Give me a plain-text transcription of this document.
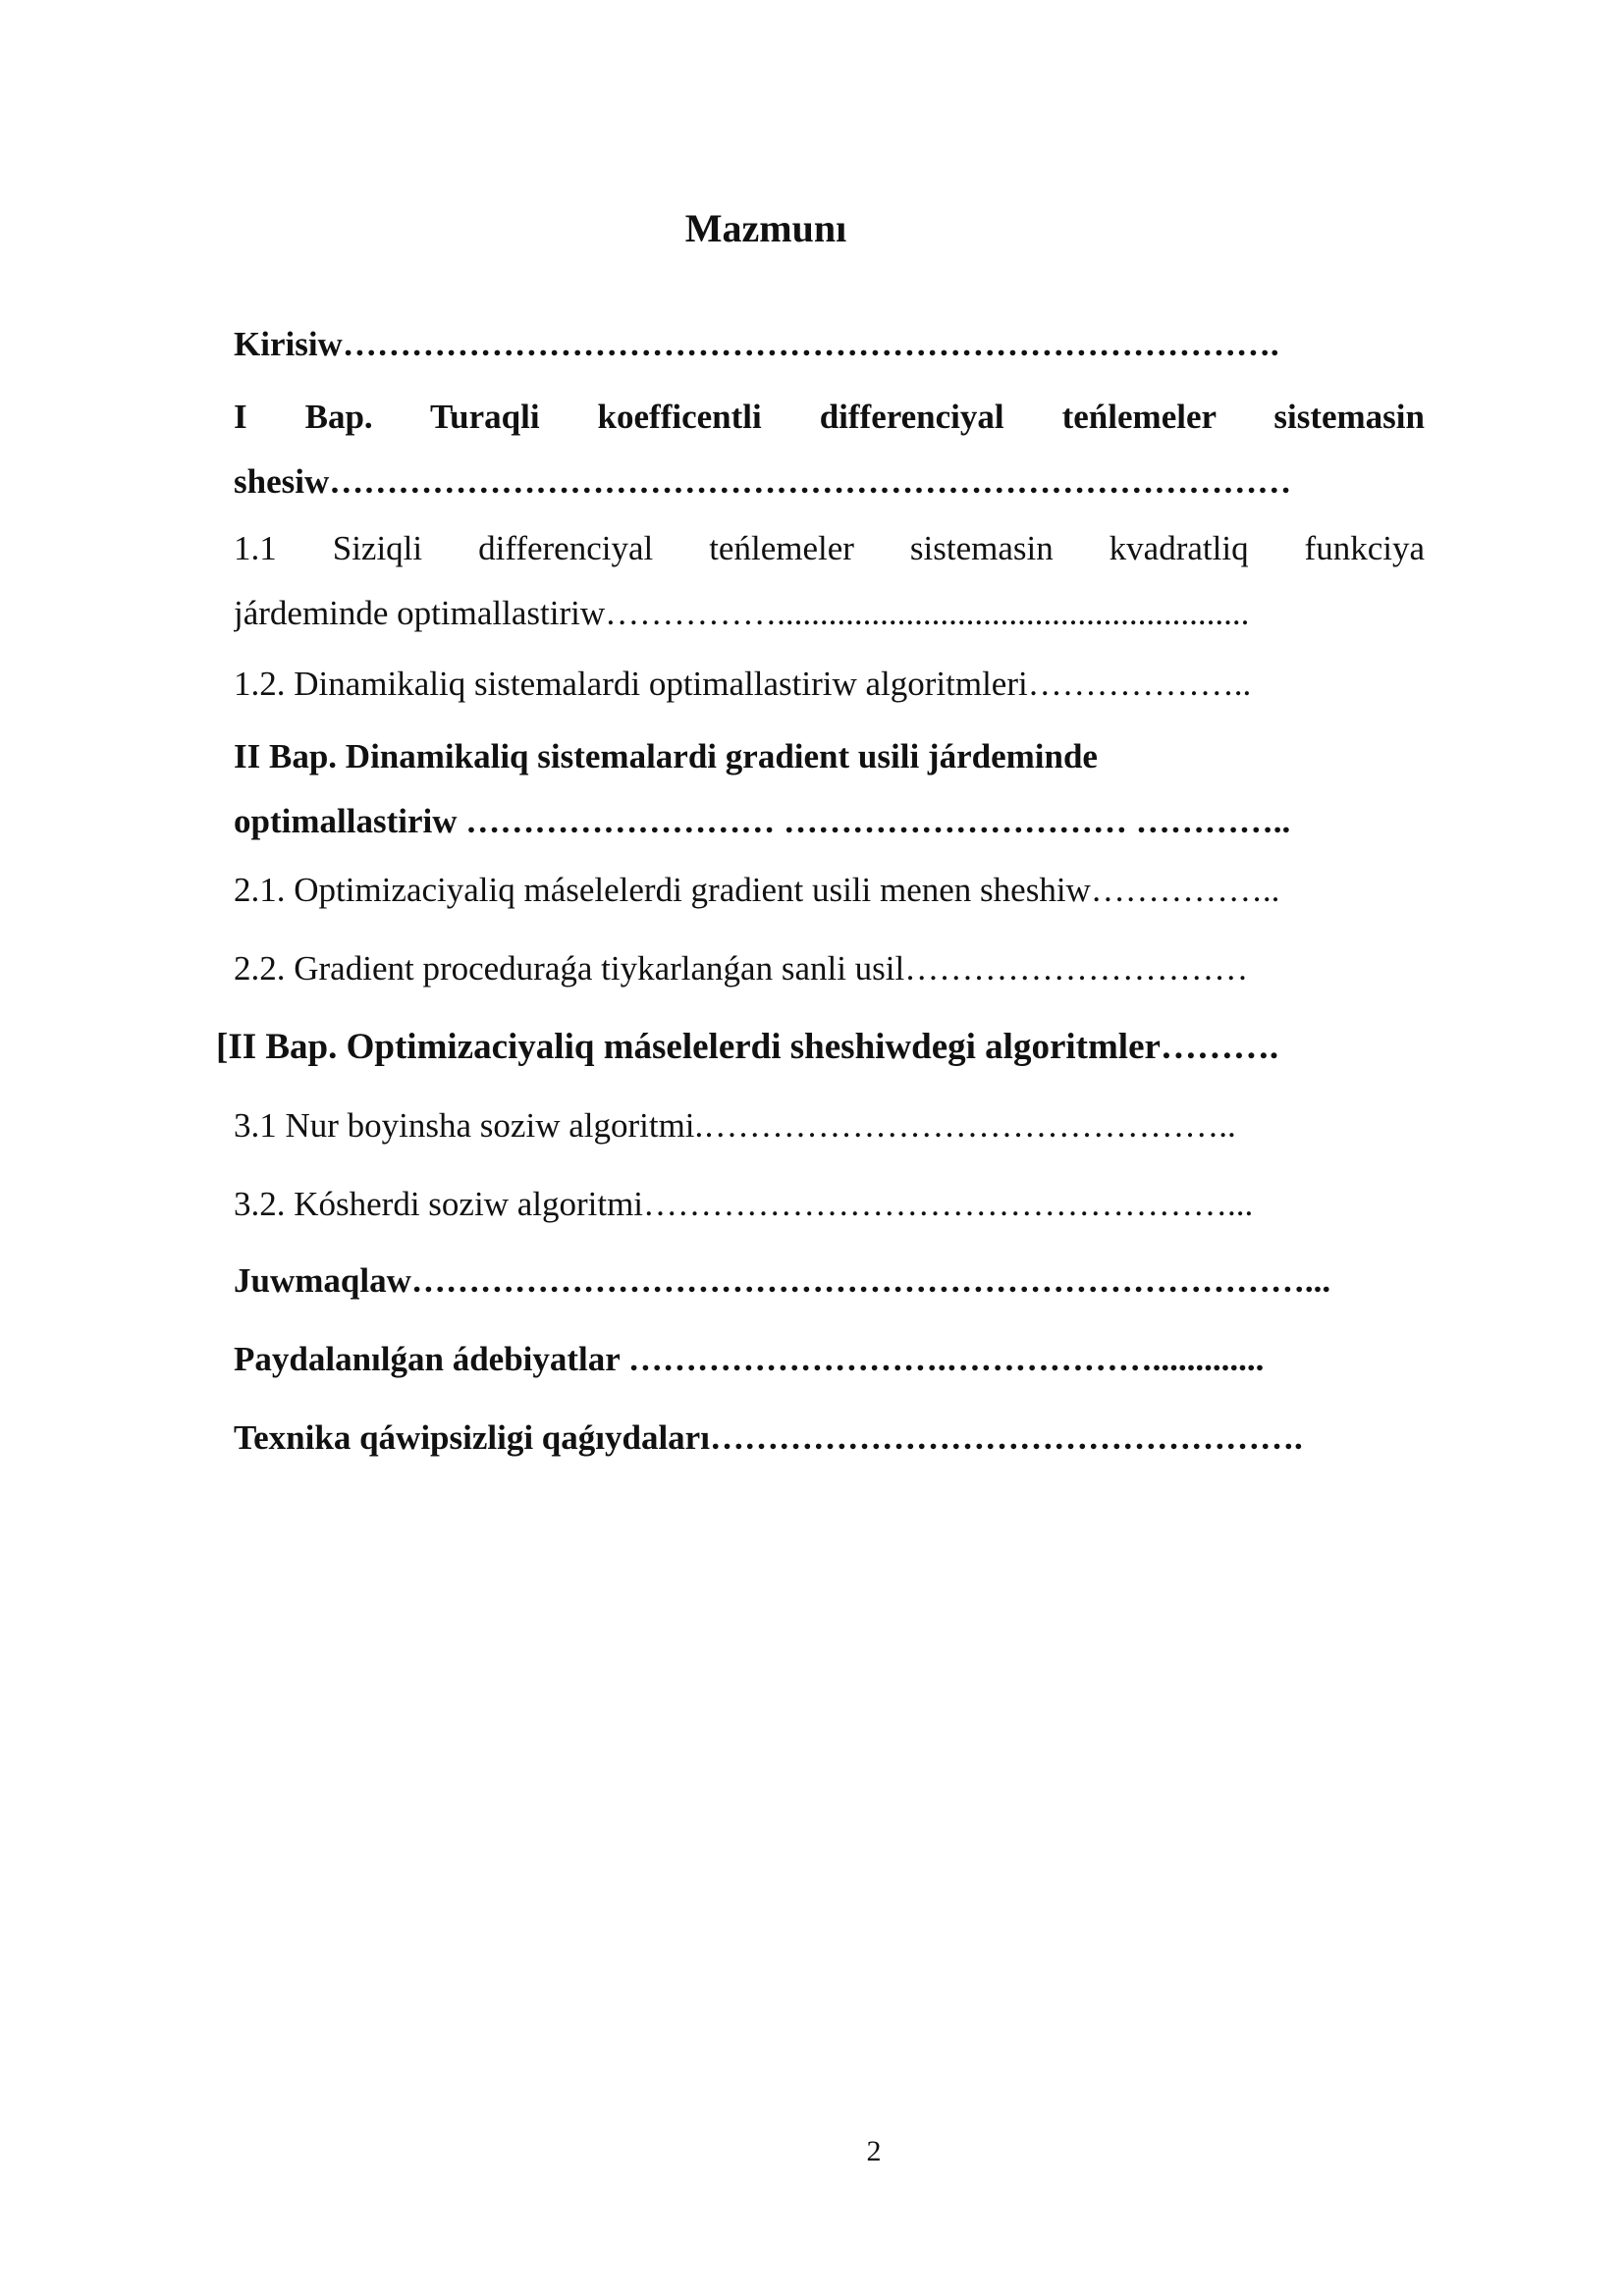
Mazmunı
Kirisiw……………………………………………………………………….
I Bap. Turaqli koefficentli differenciyal teńlemeler sistemasin
shesiw…………………………………………………………………………
1.1 Siziqli differenciyal teńlemeler sistemasin kvadratliq funkciya
járdeminde optimallastiriw…………….......................................................
1.2. Dinamikaliq sistemalardi optimallastiriw algoritmleri………………..
II Bap. Dinamikaliq sistemalardi gradient usili járdeminde
optimallastiriw ……………………… ………………………… …………..
2.1. Optimizaciyaliq máselelerdi gradient usili menen sheshiw……………..
2.2. Gradient proceduraǵa tiykarlanǵan sanli usil…………………………
[II Bap. Optimizaciyaliq máselelerdi sheshiwdegi algoritmler……….
3.1 Nur boyinsha soziw algoritmi.………………………………………..
3.2. Kósherdi soziw algoritmi……………………………………………...
Juwmaqlaw……………………………………………………………………...
Paydalanılǵan ádebiyatlar ……………………….……………….............
Texnika qáwipsizligi qaǵıydaları…………………………………………….
2
